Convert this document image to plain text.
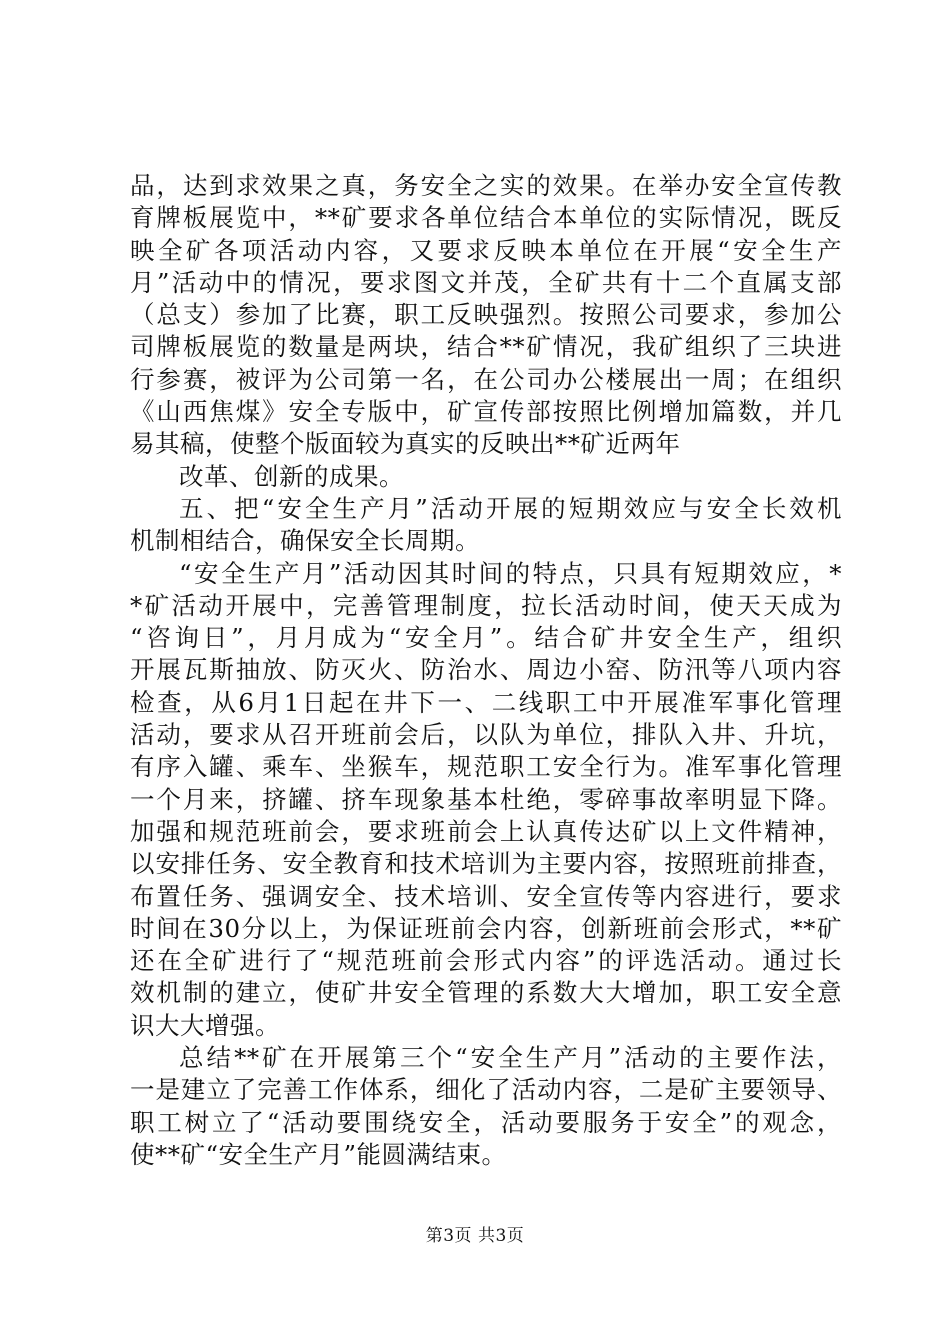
品，达到求效果之真，务安全之实的效果。在举办安全宣传教
育牌板展览中，**矿要求各单位结合本单位的实际情况，既反
映全矿各项活动内容，又要求反映本单位在开展“安全生产
月”活动中的情况，要求图文并茂，全矿共有十二个直属支部
（总支）参加了比赛，职工反映强烈。按照公司要求，参加公
司牌板展览的数量是两块，结合**矿情况，我矿组织了三块进
行参赛，被评为公司第一名，在公司办公楼展出一周；在组织
《山西焦煤》安全专版中，矿宣传部按照比例增加篇数，并几
易其稿，使整个版面较为真实的反映出**矿近两年
改革、创新的成果。
五、把“安全生产月”活动开展的短期效应与安全长效机
机制相结合，确保安全长周期。
“安全生产月”活动因其时间的特点，只具有短期效应，*
*矿活动开展中，完善管理制度，拉长活动时间，使天天成为
“咨询日”，月月成为“安全月”。结合矿井安全生产，组织
开展瓦斯抽放、防灭火、防治水、周边小窑、防汛等八项内容
检查，从6月1日起在井下一、二线职工中开展准军事化管理
活动，要求从召开班前会后，以队为单位，排队入井、升坑，
有序入罐、乘车、坐猴车，规范职工安全行为。准军事化管理
一个月来，挤罐、挤车现象基本杜绝，零碎事故率明显下降。
加强和规范班前会，要求班前会上认真传达矿以上文件精神，
以安排任务、安全教育和技术培训为主要内容，按照班前排查，
布置任务、强调安全、技术培训、安全宣传等内容进行，要求
时间在30分以上，为保证班前会内容，创新班前会形式，**矿
还在全矿进行了“规范班前会形式内容”的评选活动。通过长
效机制的建立，使矿井安全管理的系数大大增加，职工安全意
识大大增强。
总结**矿在开展第三个“安全生产月”活动的主要作法，
一是建立了完善工作体系，细化了活动内容，二是矿主要领导、
职工树立了“活动要围绕安全，活动要服务于安全”的观念，
使**矿“安全生产月”能圆满结束。
第3页 共3页
